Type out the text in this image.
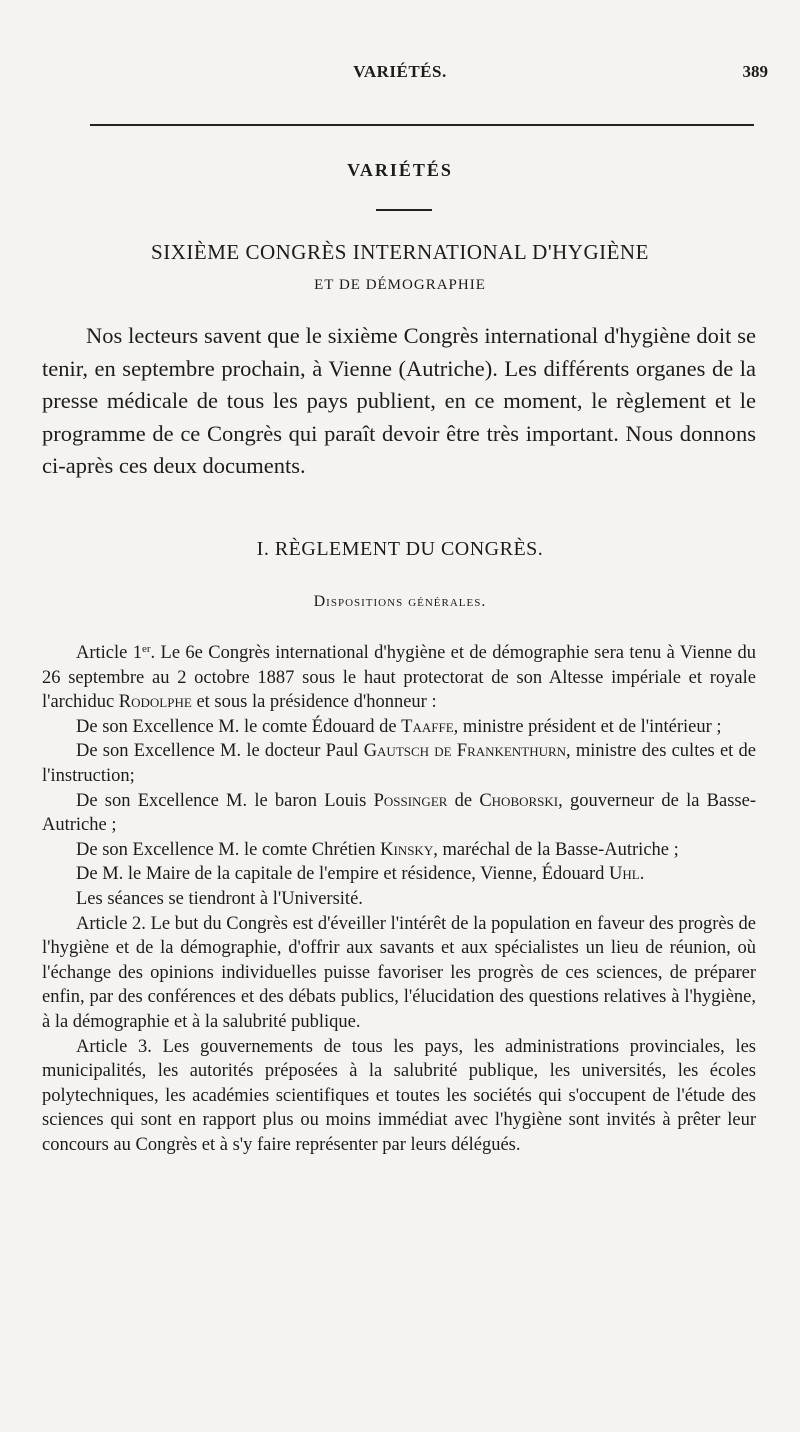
VARIÉTÉS.	389
VARIÉTÉS
SIXIÈME CONGRÈS INTERNATIONAL D'HYGIÈNE
ET DE DÉMOGRAPHIE

Nos lecteurs savent que le sixième Congrès international d'hygiène doit se tenir, en septembre prochain, à Vienne (Autriche). Les différents organes de la presse médicale de tous les pays publient, en ce moment, le règlement et le programme de ce Congrès qui paraît devoir être très important. Nous donnons ci-après ces deux documents.

I. RÈGLEMENT DU CONGRÈS.
Dispositions générales.

Article 1er. Le 6e Congrès international d'hygiène et de démographie sera tenu à Vienne du 26 septembre au 2 octobre 1887 sous le haut protectorat de son Altesse impériale et royale l'archiduc Rodolphe et sous la présidence d'honneur :

De son Excellence M. le comte Édouard de Taaffe, ministre président et de l'intérieur ;

De son Excellence M. le docteur Paul Gautsch de Frankenthurn, ministre des cultes et de l'instruction;

De son Excellence M. le baron Louis Possinger de Choborski, gouverneur de la Basse-Autriche ;

De son Excellence M. le comte Chrétien Kinsky, maréchal de la Basse-Autriche ;

De M. le Maire de la capitale de l'empire et résidence, Vienne, Édouard Uhl.

Les séances se tiendront à l'Université.

Article 2. Le but du Congrès est d'éveiller l'intérêt de la population en faveur des progrès de l'hygiène et de la démographie, d'offrir aux savants et aux spécialistes un lieu de réunion, où l'échange des opinions individuelles puisse favoriser les progrès de ces sciences, de préparer enfin, par des conférences et des débats publics, l'élucidation des questions relatives à l'hygiène, à la démographie et à la salubrité publique.

Article 3. Les gouvernements de tous les pays, les administrations provinciales, les municipalités, les autorités préposées à la salubrité publique, les universités, les écoles polytechniques, les académies scientifiques et toutes les sociétés qui s'occupent de l'étude des sciences qui sont en rapport plus ou moins immédiat avec l'hygiène sont invités à prêter leur concours au Congrès et à s'y faire représenter par leurs délégués.
